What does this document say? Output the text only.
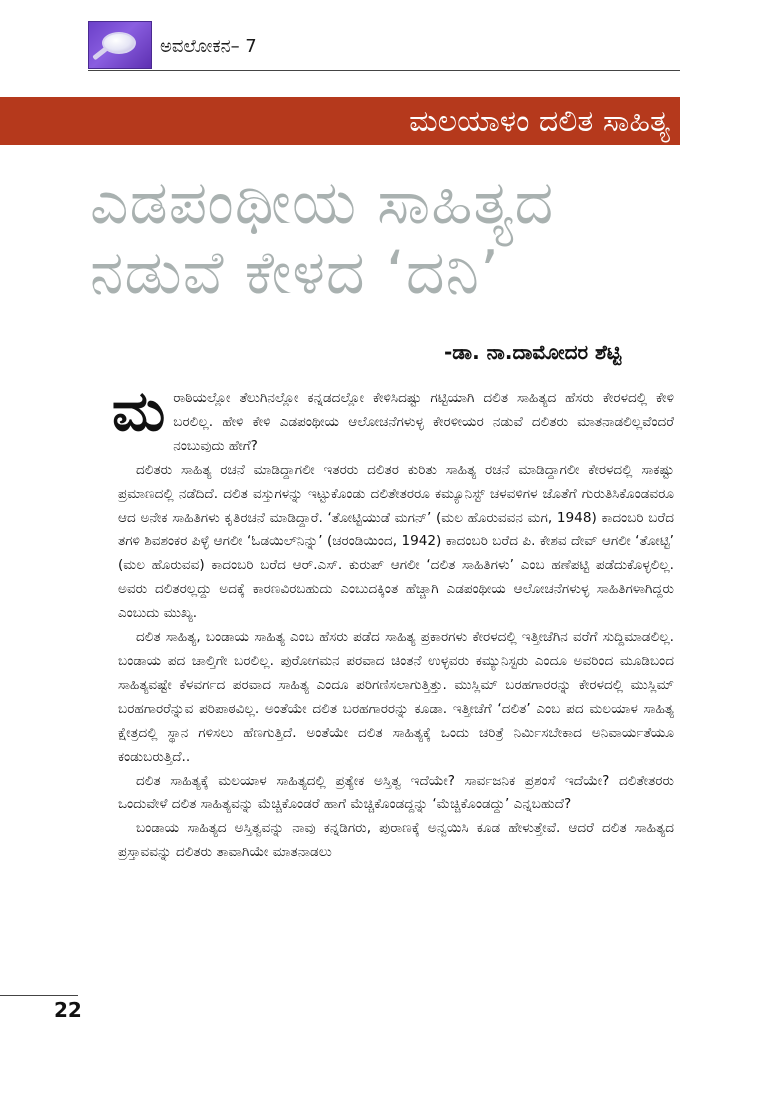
ಅವಲೋಕನ– 7
ಮಲಯಾಳಂ ದಲಿತ ಸಾಹಿತ್ಯ
ಎಡಪಂಥೀಯ ಸಾಹಿತ್ಯದ
ನಡುವೆ ಕೇಳದ ‘ದನಿ’
-ಡಾ. ನಾ.ದಾಮೋದರ ಶೆಟ್ಟಿ

ಮರಾಠಿಯಲ್ಲೋ ತೆಲುಗಿನಲ್ಲೋ ಕನ್ನಡದಲ್ಲೋ ಕೇಳಿಸಿದಷ್ಟು ಗಟ್ಟಿಯಾಗಿ ದಲಿತ ಸಾಹಿತ್ಯದ ಹೆಸರು ಕೇರಳದಲ್ಲಿ ಕೇಳಿ ಬರಲಿಲ್ಲ. ಹೇಳಿ ಕೇಳಿ ಎಡಪಂಥೀಯ ಆಲೋಚನೆಗಳುಳ್ಳ ಕೇರಳೀಯರ ನಡುವೆ ದಲಿತರು ಮಾತನಾಡಲಿಲ್ಲವೆಂದರೆ ನಂಬುವುದು ಹೇಗೆ?

ದಲಿತರು ಸಾಹಿತ್ಯ ರಚನೆ ಮಾಡಿದ್ದಾಗಲೀ ಇತರರು ದಲಿತರ ಕುರಿತು ಸಾಹಿತ್ಯ ರಚನೆ ಮಾಡಿದ್ದಾಗಲೀ ಕೇರಳದಲ್ಲಿ ಸಾಕಷ್ಟು ಪ್ರಮಾಣದಲ್ಲಿ ನಡೆದಿದೆ. ದಲಿತ ವಸ್ತುಗಳನ್ನು ಇಟ್ಟುಕೊಂಡು ದಲಿತೇತರರೂ ಕಮ್ಯೂನಿಸ್ಟ್ ಚಳವಳಿಗಳ ಜೊತೆಗೆ ಗುರುತಿಸಿಕೊಂಡವರೂ ಆದ ಅನೇಕ ಸಾಹಿತಿಗಳು ಕೃತಿರಚನೆ ಮಾಡಿದ್ದಾರೆ. ‘ತೋಟ್ಟಿಯುಡೆ ಮಗನ್’ (ಮಲ ಹೊರುವವನ ಮಗ, 1948) ಕಾದಂಬರಿ ಬರೆದ ತಗಳಿ ಶಿವಶಂಕರ ಪಿಳ್ಳೆ ಆಗಲೀ ‘ಓಡಯಿಲ್‌ನಿನ್ನು’ (ಚರಂಡಿಯಿಂದ, 1942) ಕಾದಂಬರಿ ಬರೆದ ಪಿ. ಕೇಶವ ದೇವ್ ಆಗಲೀ ‘ತೋಟ್ಟಿ’ (ಮಲ ಹೊರುವವ) ಕಾದಂಬರಿ ಬರೆದ ಆರ್.ಎಸ್. ಕುರುಪ್ ಆಗಲೀ ‘ದಲಿತ ಸಾಹಿತಿಗಳು’ ಎಂಬ ಹಣೆಪಟ್ಟಿ ಪಡೆದುಕೊಳ್ಳಲಿಲ್ಲ. ಅವರು ದಲಿತರಲ್ಲದ್ದು ಅದಕ್ಕೆ ಕಾರಣವಿರಬಹುದು ಎಂಬುದಕ್ಕಿಂತ ಹೆಚ್ಚಾಗಿ ಎಡಪಂಥೀಯ ಆಲೋಚನೆಗಳುಳ್ಳ ಸಾಹಿತಿಗಳಾಗಿದ್ದರು ಎಂಬುದು ಮುಖ್ಯ.

ದಲಿತ ಸಾಹಿತ್ಯ, ಬಂಡಾಯ ಸಾಹಿತ್ಯ ಎಂಬ ಹೆಸರು ಪಡೆದ ಸಾಹಿತ್ಯ ಪ್ರಕಾರಗಳು ಕೇರಳದಲ್ಲಿ ಇತ್ತೀಚೆಗಿನ ವರೆಗೆ ಸುದ್ದಿಮಾಡಲಿಲ್ಲ. ಬಂಡಾಯ ಪದ ಚಾಲ್ತಿಗೇ ಬರಲಿಲ್ಲ. ಪುರೋಗಮನ ಪರವಾದ ಚಿಂತನೆ ಉಳ್ಳವರು ಕಮ್ಯುನಿಸ್ಟರು ಎಂದೂ ಅವರಿಂದ ಮೂಡಿಬಂದ ಸಾಹಿತ್ಯವಷ್ಟೇ ಕೆಳವರ್ಗದ ಪರವಾದ ಸಾಹಿತ್ಯ ಎಂದೂ ಪರಿಗಣಿಸಲಾಗುತ್ತಿತ್ತು. ಮುಸ್ಲಿಮ್ ಬರಹಗಾರರನ್ನು ಕೇರಳದಲ್ಲಿ ಮುಸ್ಲಿಮ್ ಬರಹಗಾರರೆನ್ನುವ ಪರಿಪಾಠವಿಲ್ಲ. ಅಂತೆಯೇ ದಲಿತ ಬರಹಗಾರರನ್ನು ಕೂಡಾ. ಇತ್ತೀಚೆಗೆ ‘ದಲಿತ’ ಎಂಬ ಪದ ಮಲಯಾಳ ಸಾಹಿತ್ಯ ಕ್ಷೇತ್ರದಲ್ಲಿ ಸ್ಥಾನ ಗಳಿಸಲು ಹೆಣಗುತ್ತಿದೆ. ಅಂತೆಯೇ ದಲಿತ ಸಾಹಿತ್ಯಕ್ಕೆ ಒಂದು ಚರಿತ್ರೆ ನಿರ್ಮಿಸಬೇಕಾದ ಅನಿವಾರ್ಯತೆಯೂ ಕಂಡುಬರುತ್ತಿದೆ..

ದಲಿತ ಸಾಹಿತ್ಯಕ್ಕೆ ಮಲಯಾಳ ಸಾಹಿತ್ಯದಲ್ಲಿ ಪ್ರತ್ಯೇಕ ಅಸ್ತಿತ್ವ ಇದೆಯೇ? ಸಾರ್ವಜನಿಕ ಪ್ರಶಂಸೆ ಇದೆಯೇ? ದಲಿತೇತರರು ಒಂದುವೇಳೆ ದಲಿತ ಸಾಹಿತ್ಯವನ್ನು ಮೆಚ್ಚಿಕೊಂಡರೆ ಹಾಗೆ ಮೆಚ್ಚಿಕೊಂಡದ್ದನ್ನು ‘ಮೆಚ್ಚಿಕೊಂಡದ್ದು’ ಎನ್ನಬಹುದೆ?

ಬಂಡಾಯ ಸಾಹಿತ್ಯದ ಅಸ್ತಿತ್ವವನ್ನು ನಾವು ಕನ್ನಡಿಗರು, ಪುರಾಣಕ್ಕೆ ಅನ್ವಯಿಸಿ ಕೂಡ ಹೇಳುತ್ತೇವೆ. ಆದರೆ ದಲಿತ ಸಾಹಿತ್ಯದ ಪ್ರಸ್ತಾವವನ್ನು ದಲಿತರು ತಾವಾಗಿಯೇ ಮಾತನಾಡಲು

22
